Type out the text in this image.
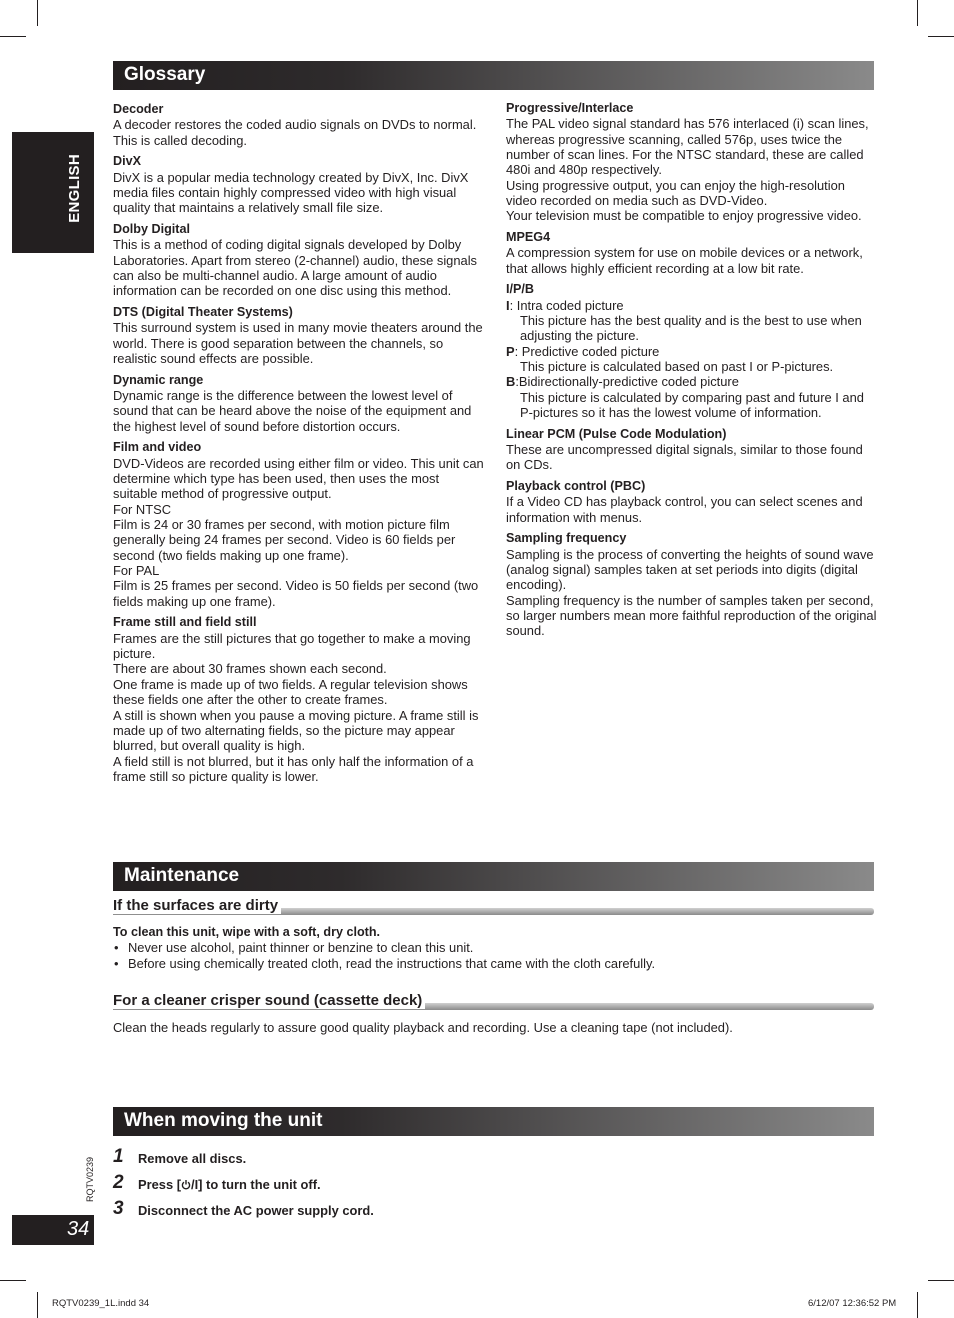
ENGLISH
Glossary
Decoder
A decoder restores the coded audio signals on DVDs to normal. This is called decoding.
DivX
DivX is a popular media technology created by DivX, Inc. DivX media files contain highly compressed video with high visual quality that maintains a relatively small file size.
Dolby Digital
This is a method of coding digital signals developed by Dolby Laboratories. Apart from stereo (2-channel) audio, these signals can also be multi-channel audio. A large amount of audio information can be recorded on one disc using this method.
DTS (Digital Theater Systems)
This surround system is used in many movie theaters around the world. There is good separation between the channels, so realistic sound effects are possible.
Dynamic range
Dynamic range is the difference between the lowest level of sound that can be heard above the noise of the equipment and the highest level of sound before distortion occurs.
Film and video
DVD-Videos are recorded using either film or video. This unit can determine which type has been used, then uses the most suitable method of progressive output.
For NTSC
Film is 24 or 30 frames per second, with motion picture film generally being 24 frames per second. Video is 60 fields per second (two fields making up one frame).
For PAL
Film is 25 frames per second. Video is 50 fields per second (two fields making up one frame).
Frame still and field still
Frames are the still pictures that go together to make a moving picture.
There are about 30 frames shown each second.
One frame is made up of two fields. A regular television shows these fields one after the other to create frames.
A still is shown when you pause a moving picture. A frame still is made up of two alternating fields, so the picture may appear blurred, but overall quality is high.
A field still is not blurred, but it has only half the information of a frame still so picture quality is lower.
Progressive/Interlace
The PAL video signal standard has 576 interlaced (i) scan lines, whereas progressive scanning, called 576p, uses twice the number of scan lines. For the NTSC standard, these are called 480i and 480p respectively.
Using progressive output, you can enjoy the high-resolution video recorded on media such as DVD-Video.
Your television must be compatible to enjoy progressive video.
MPEG4
A compression system for use on mobile devices or a network, that allows highly efficient recording at a low bit rate.
I/P/B
I: Intra coded picture
This picture has the best quality and is the best to use when adjusting the picture.
P: Predictive coded picture
This picture is calculated based on past I or P-pictures.
B:Bidirectionally-predictive coded picture
This picture is calculated by comparing past and future I and P-pictures so it has the lowest volume of information.
Linear PCM (Pulse Code Modulation)
These are uncompressed digital signals, similar to those found on CDs.
Playback control (PBC)
If a Video CD has playback control, you can select scenes and information with menus.
Sampling frequency
Sampling is the process of converting the heights of sound wave (analog signal) samples taken at set periods into digits (digital encoding).
Sampling frequency is the number of samples taken per second, so larger numbers mean more faithful reproduction of the original sound.
Maintenance
If the surfaces are dirty
To clean this unit, wipe with a soft, dry cloth.
• Never use alcohol, paint thinner or benzine to clean this unit.
• Before using chemically treated cloth, read the instructions that came with the cloth carefully.
For a cleaner crisper sound (cassette deck)
Clean the heads regularly to assure good quality playback and recording. Use a cleaning tape (not included).
When moving the unit
1 Remove all discs.
2 Press [ /I] to turn the unit off.
3 Disconnect the AC power supply cord.
RQTV0239
34
RQTV0239_1L.indd 34	6/12/07 12:36:52 PM
